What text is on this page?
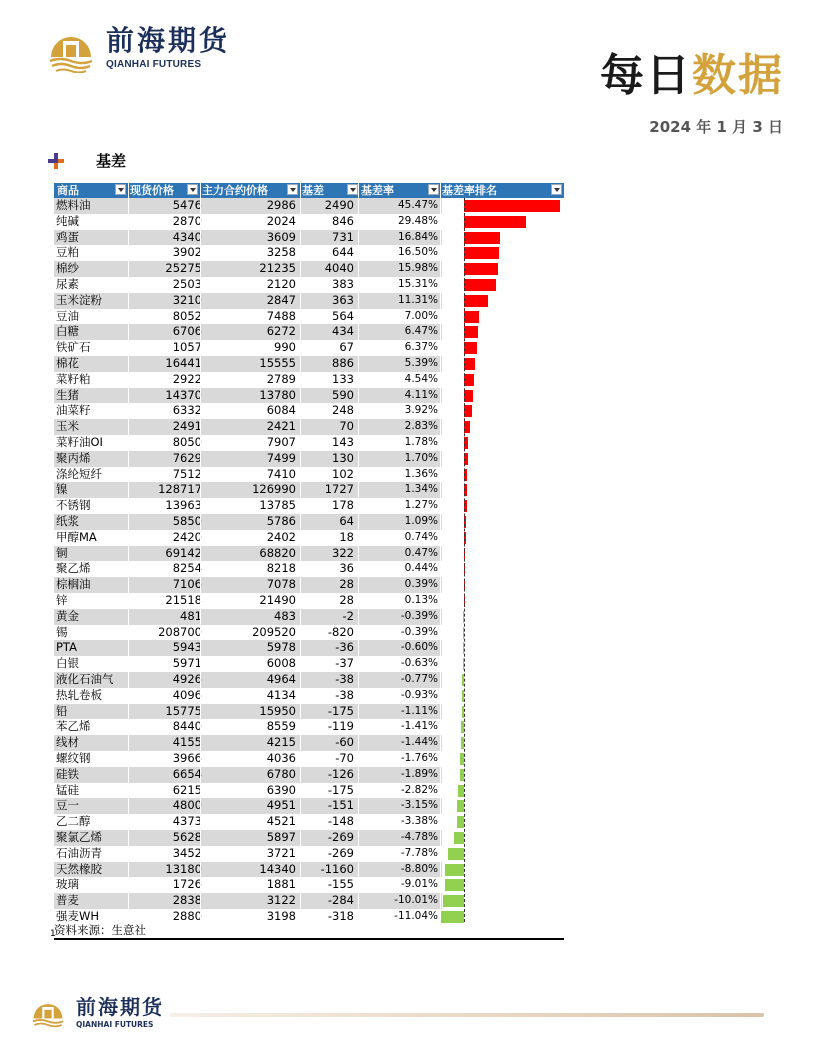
前海期货
QIANHAI FUTURES	每日数据
2024 年 1 月 3 日
基差
商品	现货价格	主力合约价格	基差	基差率	基差率排名
燃料油	5476	2986 2490	45.47%
纯碱	2870	2024	846	29.48%
鸡蛋	4340	3609	731	16.84%
豆粕	3902	3258	644	16.50%
棉纱	25275	21235 4040	15.98%
尿素	2503	2120	383	15.31%
玉米淀粉	3210	2847	363	11.31%
豆油	8052	7488	564	7.00%
白糖	6706	6272	434	6.47%
铁矿石	1057	990	67	6.37%
棉花	16441	15555	886	5.39%
菜籽粕	2922	2789	133	4.54%
生猪	14370	13780	590	4.11%
油菜籽	6332	6084	248	3.92%
玉米	2491	2421	70	2.83%
菜籽油OI	8050	7907	143	1.78%
聚丙烯	7629	7499	130	1.70%
涤纶短纤	7512	7410	102	1.36%
镍	128717	126990 1727	1.34%
不锈钢	13963	13785	178	1.27%
纸浆	5850	5786	64	1.09%
甲醇MA	2420	2402	18	0.74%
铜	69142	68820	322	0.47%
聚乙烯	8254	8218	36	0.44%
棕榈油	7106	7078	28	0.39%
锌	21518	21490	28	0.13%
黄金	481	483	-2	-0.39%
锡	208700	209520	-820	-0.39%
PTA	5943	5978	-36	-0.60%
白银	5971	6008	-37	-0.63%
液化石油气	4926	4964	-38	-0.77%
热轧卷板	4096	4134	-38	-0.93%
铅	15775	15950	-175	-1.11%
苯乙烯	8440	8559	-119	-1.41%
线材	4155	4215	-60	-1.44%
螺纹钢	3966	4036	-70	-1.76%
硅铁	6654	6780	-126	-1.89%
锰硅	6215	6390	-175	-2.82%
豆一	4800	4951	-151	-3.15%
乙二醇	4373	4521	-148	-3.38%
聚氯乙烯	5628	5897	-269	-4.78%
石油沥青	3452	3721	-269	-7.78%
天然橡胶	13180	14340 -1160	-8.80%
玻璃	1726	1881	-155	-9.01%
普麦	2838	3122	-284	-10.01%
强麦WH	2880	3198	-318	-11.04%
1
资料来源：生意社
前海期货
QIANHAI FUTURES
